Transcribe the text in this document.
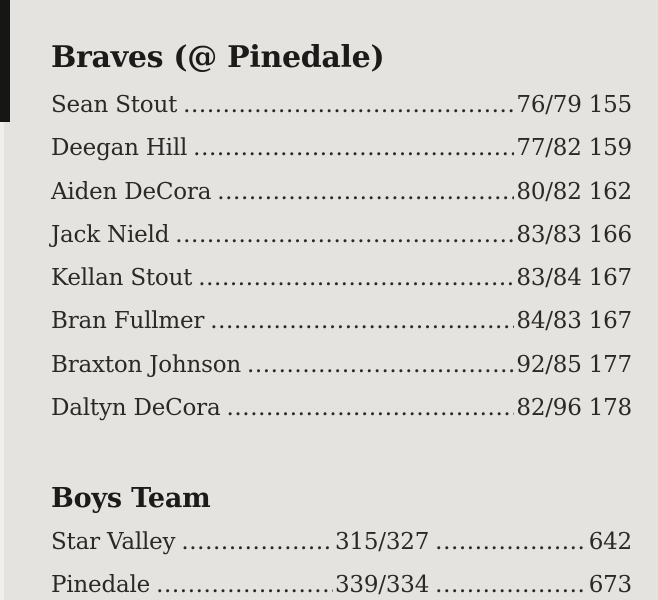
Braves (@ Pinedale)
Sean Stout .....	76/79 155
Deegan Hill .....	77/82 159
Aiden DeCora .....	80/82 162
Jack Nield .....	83/83 166
Kellan Stout .....	83/84 167
Bran Fullmer .....	84/83 167
Braxton Johnson .....	92/85 177
Daltyn DeCora .....	82/96 178
Boys Team
Star Valley .....	315/327 .....	642
Pinedale .....	339/334 .....	673
